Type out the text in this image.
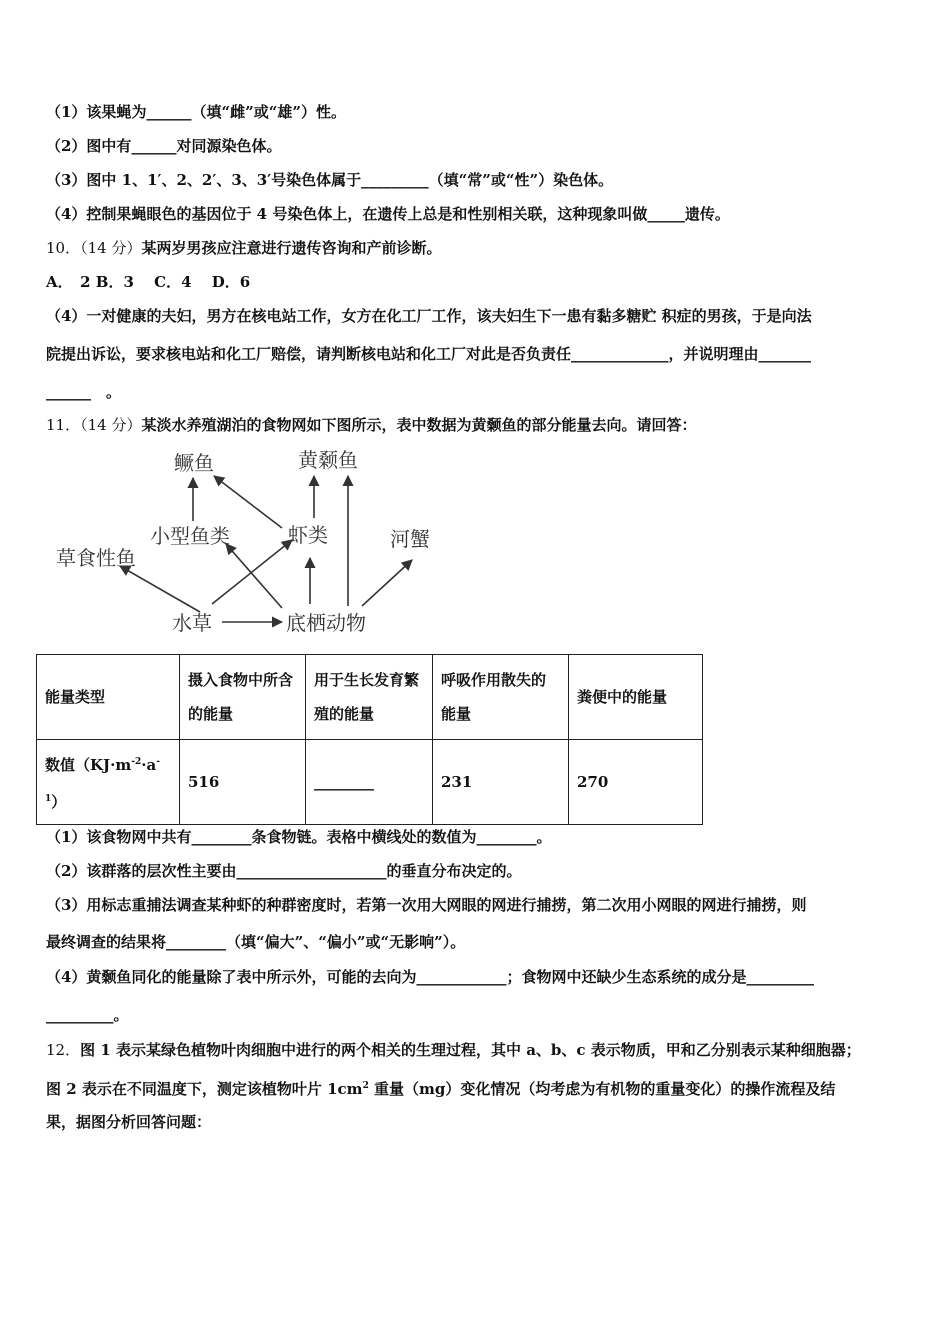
（1）该果蝇为______（填“雌”或“雄”）性。
（2）图中有______对同源染色体。
（3）图中 1、1′、2、2′、3、3′号染色体属于_________（填“常”或“性”）染色体。
（4）控制果蝇眼色的基因位于 4 号染色体上，在遗传上总是和性别相关联，这种现象叫做_____遗传。
10．（14 分）某两岁男孩应注意进行遗传咨询和产前诊断。
A．　2 B．3　 C．4　 D．6
（4）一对健康的夫妇，男方在核电站工作，女方在化工厂工作，该夫妇生下一患有黏多糖贮 积症的男孩，于是向法
院提出诉讼，要求核电站和化工厂赔偿，请判断核电站和化工厂对此是否负责任_____________，并说明理由_______
______　。
11．（14 分）某淡水养殖湖泊的食物网如下图所示，表中数据为黄颡鱼的部分能量去向。请回答：
鳜鱼	黄颡鱼
小型鱼类	虾类	河蟹
草食性鱼
水草	底栖动物
能量类型	摄入食物中所含的能量	用于生长发育繁殖的能量	呼吸作用散失的能量	粪便中的能量
数值（$KJ\cdot m^{-2}\cdot a^-$
$^1$）	516	________	231	270
（1）该食物网中共有________条食物链。表格中横线处的数值为________。
（2）该群落的层次性主要由____________________的垂直分布决定的。
（3）用标志重捕法调查某种虾的种群密度时，若第一次用大网眼的网进行捕捞，第二次用小网眼的网进行捕捞，则
最终调查的结果将________（填“偏大”、“偏小”或“无影响”）。
（4）黄颡鱼同化的能量除了表中所示外，可能的去向为____________；食物网中还缺少生态系统的成分是_________
_________。
12．图 1 表示某绿色植物叶肉细胞中进行的两个相关的生理过程，其中 a、b、c 表示物质，甲和乙分别表示某种细胞器；
图 2 表示在不同温度下，测定该植物叶片 $1cm^2$ 重量（mg）变化情况（均考虑为有机物的重量变化）的操作流程及结
果，据图分析回答问题：
